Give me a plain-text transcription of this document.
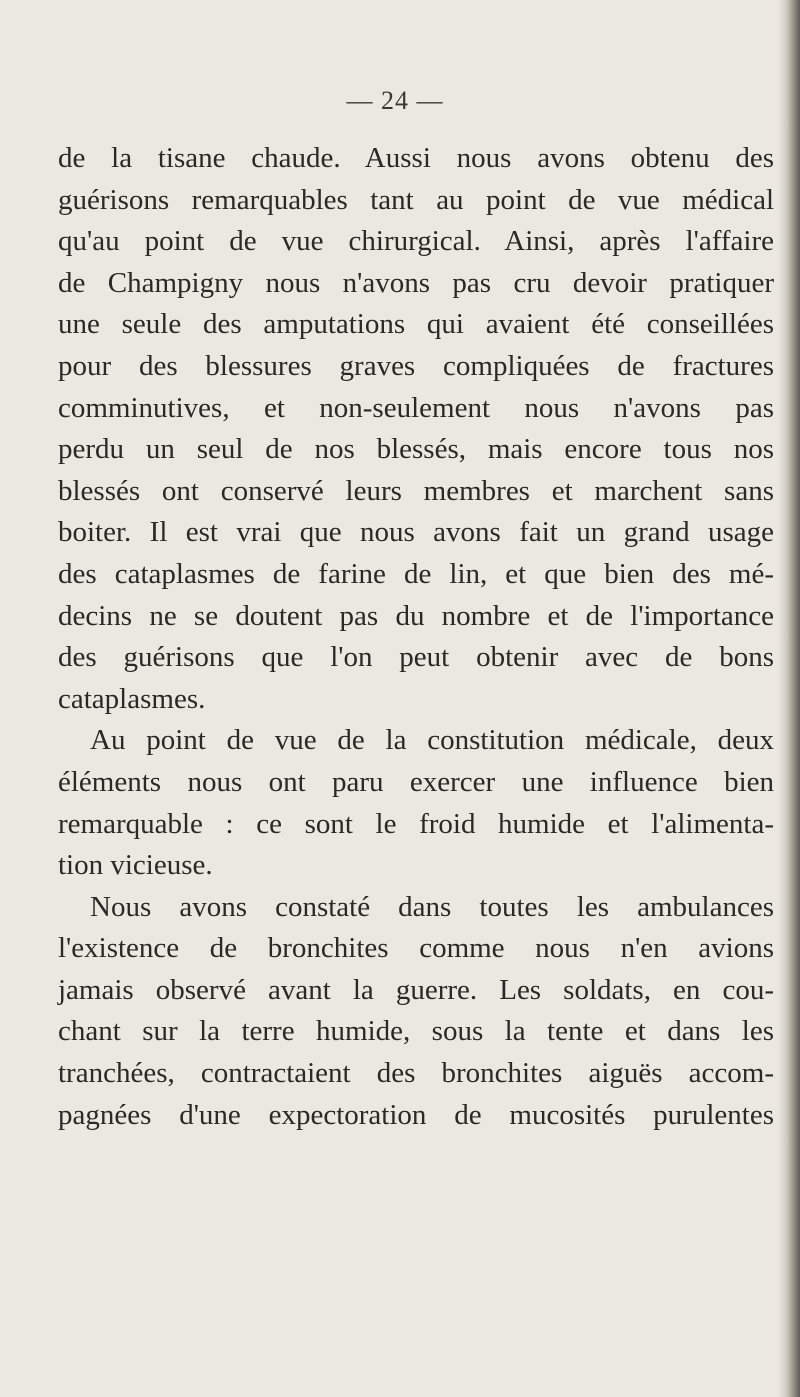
— 24 —
de la tisane chaude. Aussi nous avons obtenu des
guérisons remarquables tant au point de vue médical
qu'au point de vue chirurgical. Ainsi, après l'affaire
de Champigny nous n'avons pas cru devoir pratiquer
une seule des amputations qui avaient été conseillées
pour des blessures graves compliquées de fractures
comminutives, et non-seulement nous n'avons pas
perdu un seul de nos blessés, mais encore tous nos
blessés ont conservé leurs membres et marchent sans
boiter. Il est vrai que nous avons fait un grand usage
des cataplasmes de farine de lin, et que bien des mé-
decins ne se doutent pas du nombre et de l'importance
des guérisons que l'on peut obtenir avec de bons
cataplasmes.
Au point de vue de la constitution médicale, deux
éléments nous ont paru exercer une influence bien
remarquable : ce sont le froid humide et l'alimenta-
tion vicieuse.
Nous avons constaté dans toutes les ambulances
l'existence de bronchites comme nous n'en avions
jamais observé avant la guerre. Les soldats, en cou-
chant sur la terre humide, sous la tente et dans les
tranchées, contractaient des bronchites aiguës accom-
pagnées d'une expectoration de mucosités purulentes
